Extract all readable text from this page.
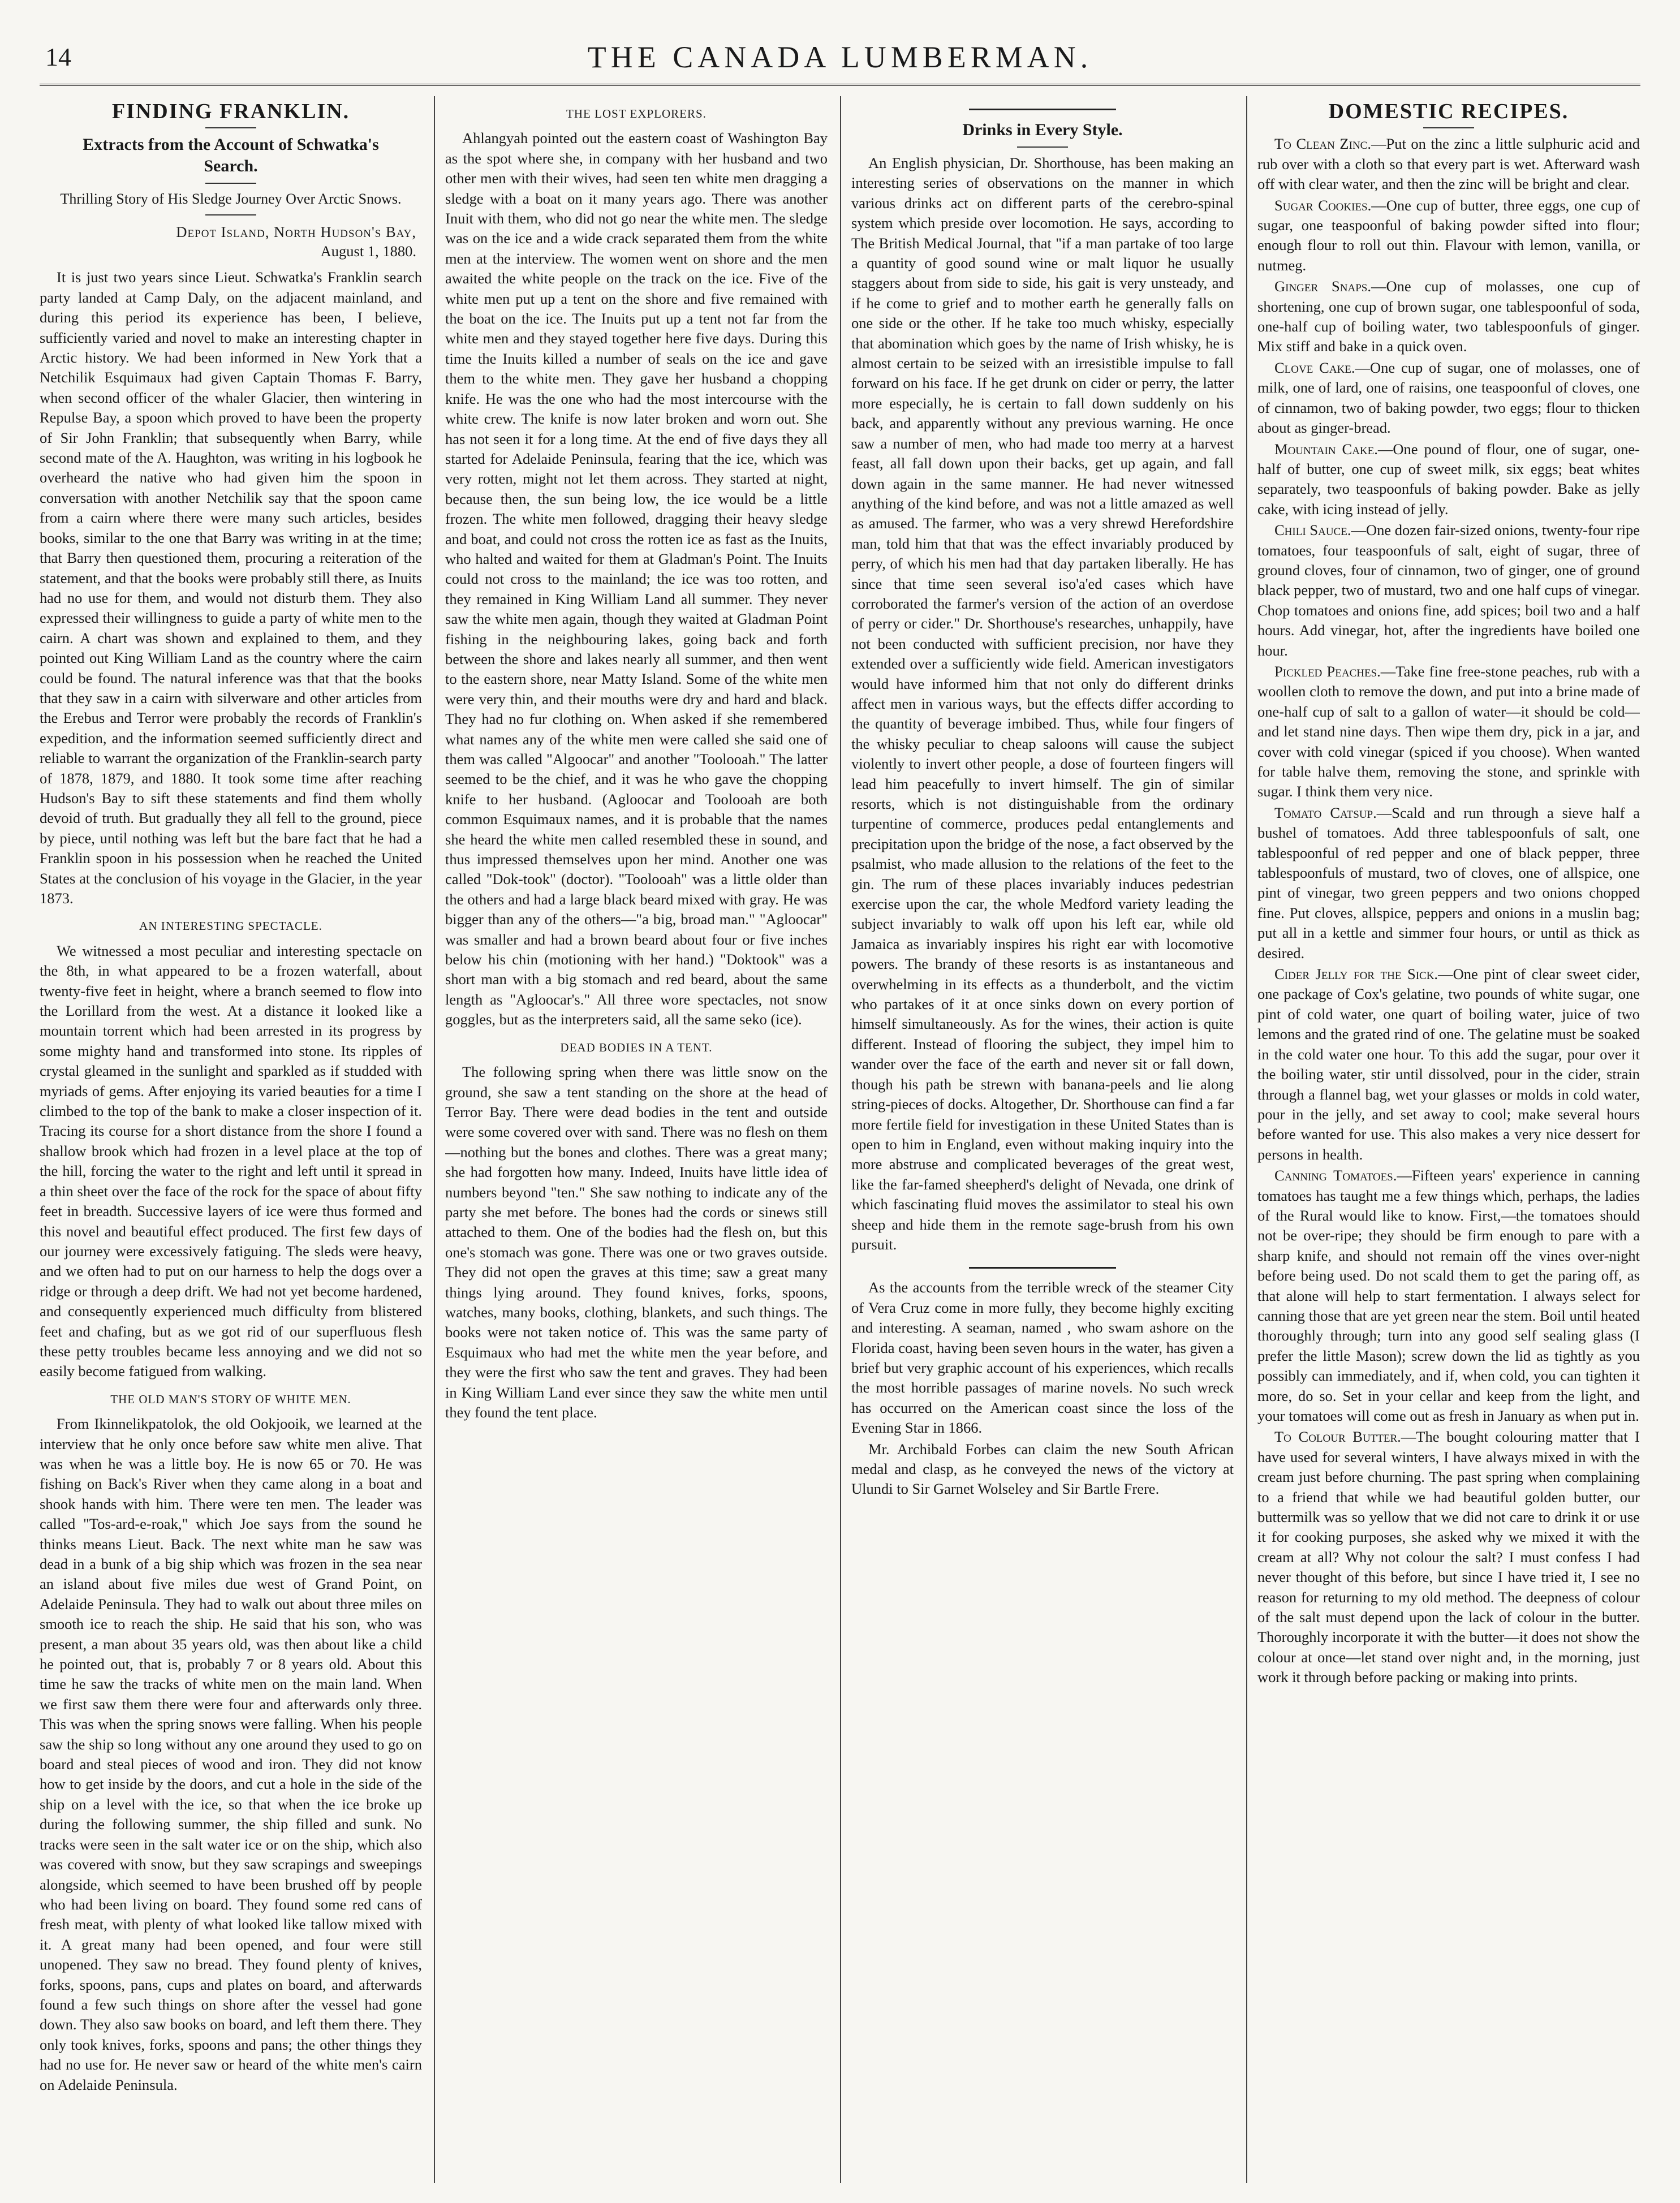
14	THE CANADA LUMBERMAN.
FINDING FRANKLIN.
Extracts from the Account of Schwatka's Search.
Thrilling Story of His Sledge Journey Over Arctic Snows.
Depot Island, North Hudson's Bay,
August 1, 1880.

It is just two years since Lieut. Schwatka's Franklin search party landed at Camp Daly, on the adjacent mainland, and during this period its experience has been, I believe, sufficiently varied and novel to make an interesting chapter in Arctic history. We had been informed in New York that a Netchilik Esquimaux had given Captain Thomas F. Barry, when second officer of the whaler Glacier, then wintering in Repulse Bay, a spoon which proved to have been the property of Sir John Franklin; that subsequently when Barry, while second mate of the A. Haughton, was writing in his logbook he overheard the native who had given him the spoon in conversation with another Netchilik say that the spoon came from a cairn where there were many such articles, besides books, similar to the one that Barry was writing in at the time; that Barry then questioned them, procuring a reiteration of the statement, and that the books were probably still there, as Inuits had no use for them, and would not disturb them. They also expressed their willingness to guide a party of white men to the cairn. A chart was shown and explained to them, and they pointed out King William Land as the country where the cairn could be found. The natural inference was that that the books that they saw in a cairn with silverware and other articles from the Erebus and Terror were probably the records of Franklin's expedition, and the information seemed sufficiently direct and reliable to warrant the organization of the Franklin-search party of 1878, 1879, and 1880. It took some time after reaching Hudson's Bay to sift these statements and find them wholly devoid of truth. But gradually they all fell to the ground, piece by piece, until nothing was left but the bare fact that he had a Franklin spoon in his possession when he reached the United States at the conclusion of his voyage in the Glacier, in the year 1873.

AN INTERESTING SPECTACLE.

We witnessed a most peculiar and interesting spectacle on the 8th, in what appeared to be a frozen waterfall, about twenty-five feet in height, where a branch seemed to flow into the Lorillard from the west. At a distance it looked like a mountain torrent which had been arrested in its progress by some mighty hand and transformed into stone. Its ripples of crystal gleamed in the sunlight and sparkled as if studded with myriads of gems. After enjoying its varied beauties for a time I climbed to the top of the bank to make a closer inspection of it. Tracing its course for a short distance from the shore I found a shallow brook which had frozen in a level place at the top of the hill, forcing the water to the right and left until it spread in a thin sheet over the face of the rock for the space of about fifty feet in breadth. Successive layers of ice were thus formed and this novel and beautiful effect produced. The first few days of our journey were excessively fatiguing. The sleds were heavy, and we often had to put on our harness to help the dogs over a ridge or through a deep drift. We had not yet become hardened, and consequently experienced much difficulty from blistered feet and chafing, but as we got rid of our superfluous flesh these petty troubles became less annoying and we did not so easily become fatigued from walking.

THE OLD MAN'S STORY OF WHITE MEN.

From Ikinnelikpatolok, the old Ookjooik, we learned at the interview that he only once before saw white men alive. That was when he was a little boy. He is now 65 or 70. He was fishing on Back's River when they came along in a boat and shook hands with him. There were ten men. The leader was called "Tos-ard-e-roak," which Joe says from the sound he thinks means Lieut. Back. The next white man he saw was dead in a bunk of a big ship which was frozen in the sea near an island about five miles due west of Grand Point, on Adelaide Peninsula. They had to walk out about three miles on smooth ice to reach the ship. He said that his son, who was present, a man about 35 years old, was then about like a child he pointed out, that is, probably 7 or 8 years old. About this time he saw the tracks of white men on the main land. When we first saw them there were four and afterwards only three. This was when the spring snows were falling. When his people saw the ship so long without any one around they used to go on board and steal pieces of wood and iron. They did not know how to get inside by the doors, and cut a hole in the side of the ship on a level with the ice, so that when the ice broke up during the following summer, the ship filled and sunk. No tracks were seen in the salt water ice or on the ship, which also was covered with snow, but they saw scrapings and sweepings alongside, which seemed to have been brushed off by people who had been living on board. They found some red cans of fresh meat, with plenty of what looked like tallow mixed with it. A great many had been opened, and four were still unopened. They saw no bread. They found plenty of knives, forks, spoons, pans, cups and plates on board, and afterwards found a few such things on shore after the vessel had gone down. They also saw books on board, and left them there. They only took knives, forks, spoons and pans; the other things they had no use for. He never saw or heard of the white men's cairn on Adelaide Peninsula.

THE LOST EXPLORERS.

Ahlangyah pointed out the eastern coast of Washington Bay as the spot where she, in company with her husband and two other men with their wives, had seen ten white men dragging a sledge with a boat on it many years ago. There was another Inuit with them, who did not go near the white men. The sledge was on the ice and a wide crack separated them from the white men at the interview. The women went on shore and the men awaited the white people on the track on the ice. Five of the white men put up a tent on the shore and five remained with the boat on the ice. The Inuits put up a tent not far from the white men and they stayed together here five days. During this time the Inuits killed a number of seals on the ice and gave them to the white men. They gave her husband a chopping knife. He was the one who had the most intercourse with the white crew. The knife is now later broken and worn out. She has not seen it for a long time. At the end of five days they all started for Adelaide Peninsula, fearing that the ice, which was very rotten, might not let them across. They started at night, because then, the sun being low, the ice would be a little frozen. The white men followed, dragging their heavy sledge and boat, and could not cross the rotten ice as fast as the Inuits, who halted and waited for them at Gladman's Point. The Inuits could not cross to the mainland; the ice was too rotten, and they remained in King William Land all summer. They never saw the white men again, though they waited at Gladman Point fishing in the neighbouring lakes, going back and forth between the shore and lakes nearly all summer, and then went to the eastern shore, near Matty Island. Some of the white men were very thin, and their mouths were dry and hard and black. They had no fur clothing on. When asked if she remembered what names any of the white men were called she said one of them was called "Algoocar" and another "Toolooah." The latter seemed to be the chief, and it was he who gave the chopping knife to her husband. (Agloocar and Toolooah are both common Esquimaux names, and it is probable that the names she heard the white men called resembled these in sound, and thus impressed themselves upon her mind. Another one was called "Dok-took" (doctor). "Toolooah" was a little older than the others and had a large black beard mixed with gray. He was bigger than any of the others—"a big, broad man." "Agloocar" was smaller and had a brown beard about four or five inches below his chin (motioning with her hand.) "Doktook" was a short man with a big stomach and red beard, about the same length as "Agloocar's." All three wore spectacles, not snow goggles, but as the interpreters said, all the same seko (ice).

DEAD BODIES IN A TENT.

The following spring when there was little snow on the ground, she saw a tent standing on the shore at the head of Terror Bay. There were dead bodies in the tent and outside were some covered over with sand. There was no flesh on them—nothing but the bones and clothes. There was a great many; she had forgotten how many. Indeed, Inuits have little idea of numbers beyond "ten." She saw nothing to indicate any of the party she met before. The bones had the cords or sinews still attached to them. One of the bodies had the flesh on, but this one's stomach was gone. There was one or two graves outside. They did not open the graves at this time; saw a great many things lying around. They found knives, forks, spoons, watches, many books, clothing, blankets, and such things. The books were not taken notice of. This was the same party of Esquimaux who had met the white men the year before, and they were the first who saw the tent and graves. They had been in King William Land ever since they saw the white men until they found the tent place.

Drinks in Every Style.

An English physician, Dr. Shorthouse, has been making an interesting series of observations on the manner in which various drinks act on different parts of the cerebro-spinal system which preside over locomotion. He says, according to The British Medical Journal, that "if a man partake of too large a quantity of good sound wine or malt liquor he usually staggers about from side to side, his gait is very unsteady, and if he come to grief and to mother earth he generally falls on one side or the other. If he take too much whisky, especially that abomination which goes by the name of Irish whisky, he is almost certain to be seized with an irresistible impulse to fall forward on his face. If he get drunk on cider or perry, the latter more especially, he is certain to fall down suddenly on his back, and apparently without any previous warning. He once saw a number of men, who had made too merry at a harvest feast, all fall down upon their backs, get up again, and fall down again in the same manner. He had never witnessed anything of the kind before, and was not a little amazed as well as amused. The farmer, who was a very shrewd Herefordshire man, told him that that was the effect invariably produced by perry, of which his men had that day partaken liberally. He has since that time seen several iso'a'ed cases which have corroborated the farmer's version of the action of an overdose of perry or cider." Dr. Shorthouse's researches, unhappily, have not been conducted with sufficient precision, nor have they extended over a sufficiently wide field. American investigators would have informed him that not only do different drinks affect men in various ways, but the effects differ according to the quantity of beverage imbibed. Thus, while four fingers of the whisky peculiar to cheap saloons will cause the subject violently to invert other people, a dose of fourteen fingers will lead him peacefully to invert himself. The gin of similar resorts, which is not distinguishable from the ordinary turpentine of commerce, produces pedal entanglements and precipitation upon the bridge of the nose, a fact observed by the psalmist, who made allusion to the relations of the feet to the gin. The rum of these places invariably induces pedestrian exercise upon the car, the whole Medford variety leading the subject invariably to walk off upon his left ear, while old Jamaica as invariably inspires his right ear with locomotive powers. The brandy of these resorts is as instantaneous and overwhelming in its effects as a thunderbolt, and the victim who partakes of it at once sinks down on every portion of himself simultaneously. As for the wines, their action is quite different. Instead of flooring the subject, they impel him to wander over the face of the earth and never sit or fall down, though his path be strewn with banana-peels and lie along string-pieces of docks. Altogether, Dr. Shorthouse can find a far more fertile field for investigation in these United States than is open to him in England, even without making inquiry into the more abstruse and complicated beverages of the great west, like the far-famed sheepherd's delight of Nevada, one drink of which fascinating fluid moves the assimilator to steal his own sheep and hide them in the remote sage-brush from his own pursuit.

As the accounts from the terrible wreck of the steamer City of Vera Cruz come in more fully, they become highly exciting and interesting. A seaman, named , who swam ashore on the Florida coast, having been seven hours in the water, has given a brief but very graphic account of his experiences, which recalls the most horrible passages of marine novels. No such wreck has occurred on the American coast since the loss of the Evening Star in 1866.

Mr. Archibald Forbes can claim the new South African medal and clasp, as he conveyed the news of the victory at Ulundi to Sir Garnet Wolseley and Sir Bartle Frere.

DOMESTIC RECIPES.

To Clean Zinc.—Put on the zinc a little sulphuric acid and rub over with a cloth so that every part is wet. Afterward wash off with clear water, and then the zinc will be bright and clear.

Sugar Cookies.—One cup of butter, three eggs, one cup of sugar, one teaspoonful of baking powder sifted into flour; enough flour to roll out thin. Flavour with lemon, vanilla, or nutmeg.

Ginger Snaps.—One cup of molasses, one cup of shortening, one cup of brown sugar, one tablespoonful of soda, one-half cup of boiling water, two tablespoonfuls of ginger. Mix stiff and bake in a quick oven.

Clove Cake.—One cup of sugar, one of molasses, one of milk, one of lard, one of raisins, one teaspoonful of cloves, one of cinnamon, two of baking powder, two eggs; flour to thicken about as ginger-bread.

Mountain Cake.—One pound of flour, one of sugar, one-half of butter, one cup of sweet milk, six eggs; beat whites separately, two teaspoonfuls of baking powder. Bake as jelly cake, with icing instead of jelly.

Chili Sauce.—One dozen fair-sized onions, twenty-four ripe tomatoes, four teaspoonfuls of salt, eight of sugar, three of ground cloves, four of cinnamon, two of ginger, one of ground black pepper, two of mustard, two and one half cups of vinegar. Chop tomatoes and onions fine, add spices; boil two and a half hours. Add vinegar, hot, after the ingredients have boiled one hour.

Pickled Peaches.—Take fine free-stone peaches, rub with a woollen cloth to remove the down, and put into a brine made of one-half cup of salt to a gallon of water—it should be cold—and let stand nine days. Then wipe them dry, pick in a jar, and cover with cold vinegar (spiced if you choose). When wanted for table halve them, removing the stone, and sprinkle with sugar. I think them very nice.

Tomato Catsup.—Scald and run through a sieve half a bushel of tomatoes. Add three tablespoonfuls of salt, one tablespoonful of red pepper and one of black pepper, three tablespoonfuls of mustard, two of cloves, one of allspice, one pint of vinegar, two green peppers and two onions chopped fine. Put cloves, allspice, peppers and onions in a muslin bag; put all in a kettle and simmer four hours, or until as thick as desired.

Cider Jelly for the Sick.—One pint of clear sweet cider, one package of Cox's gelatine, two pounds of white sugar, one pint of cold water, one quart of boiling water, juice of two lemons and the grated rind of one. The gelatine must be soaked in the cold water one hour. To this add the sugar, pour over it the boiling water, stir until dissolved, pour in the cider, strain through a flannel bag, wet your glasses or molds in cold water, pour in the jelly, and set away to cool; make several hours before wanted for use. This also makes a very nice dessert for persons in health.

Canning Tomatoes.—Fifteen years' experience in canning tomatoes has taught me a few things which, perhaps, the ladies of the Rural would like to know. First,—the tomatoes should not be over-ripe; they should be firm enough to pare with a sharp knife, and should not remain off the vines over-night before being used. Do not scald them to get the paring off, as that alone will help to start fermentation. I always select for canning those that are yet green near the stem. Boil until heated thoroughly through; turn into any good self sealing glass (I prefer the little Mason); screw down the lid as tightly as you possibly can immediately, and if, when cold, you can tighten it more, do so. Set in your cellar and keep from the light, and your tomatoes will come out as fresh in January as when put in.

To Colour Butter.—The bought colouring matter that I have used for several winters, I have always mixed in with the cream just before churning. The past spring when complaining to a friend that while we had beautiful golden butter, our buttermilk was so yellow that we did not care to drink it or use it for cooking purposes, she asked why we mixed it with the cream at all? Why not colour the salt? I must confess I had never thought of this before, but since I have tried it, I see no reason for returning to my old method. The deepness of colour of the salt must depend upon the lack of colour in the butter. Thoroughly incorporate it with the butter—it does not show the colour at once—let stand over night and, in the morning, just work it through before packing or making into prints.
